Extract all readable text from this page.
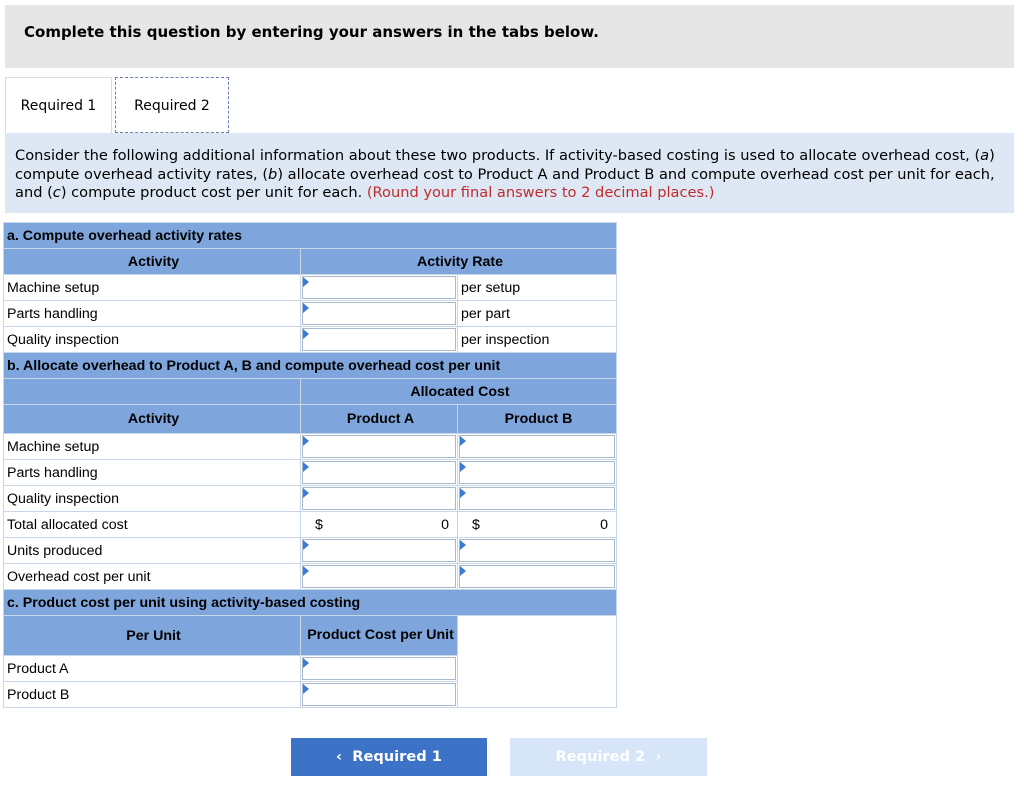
Complete this question by entering your answers in the tabs below.
Required 1	Required 2
Consider the following additional information about these two products. If activity-based costing is used to allocate overhead cost, (a) compute overhead activity rates, (b) allocate overhead cost to Product A and Product B and compute overhead cost per unit for each, and (c) compute product cost per unit for each. (Round your final answers to 2 decimal places.)
a. Compute overhead activity rates		
Activity	Activity Rate	
Machine setup		per setup
Parts handling		per part
Quality inspection		per inspection
b. Allocate overhead to Product A, B and compute overhead cost per unit		
	Allocated Cost	
Activity	Product A	Product B
Machine setup	

Parts handling	

Quality inspection	

Total allocated cost	$ 0	$ 0

Units produced	

Overhead cost per unit	

c. Product cost per unit using activity-based costing		
Per Unit	Product Cost per Unit	
Product A	

Product B	

‹ Required 1	Required 2 ›
